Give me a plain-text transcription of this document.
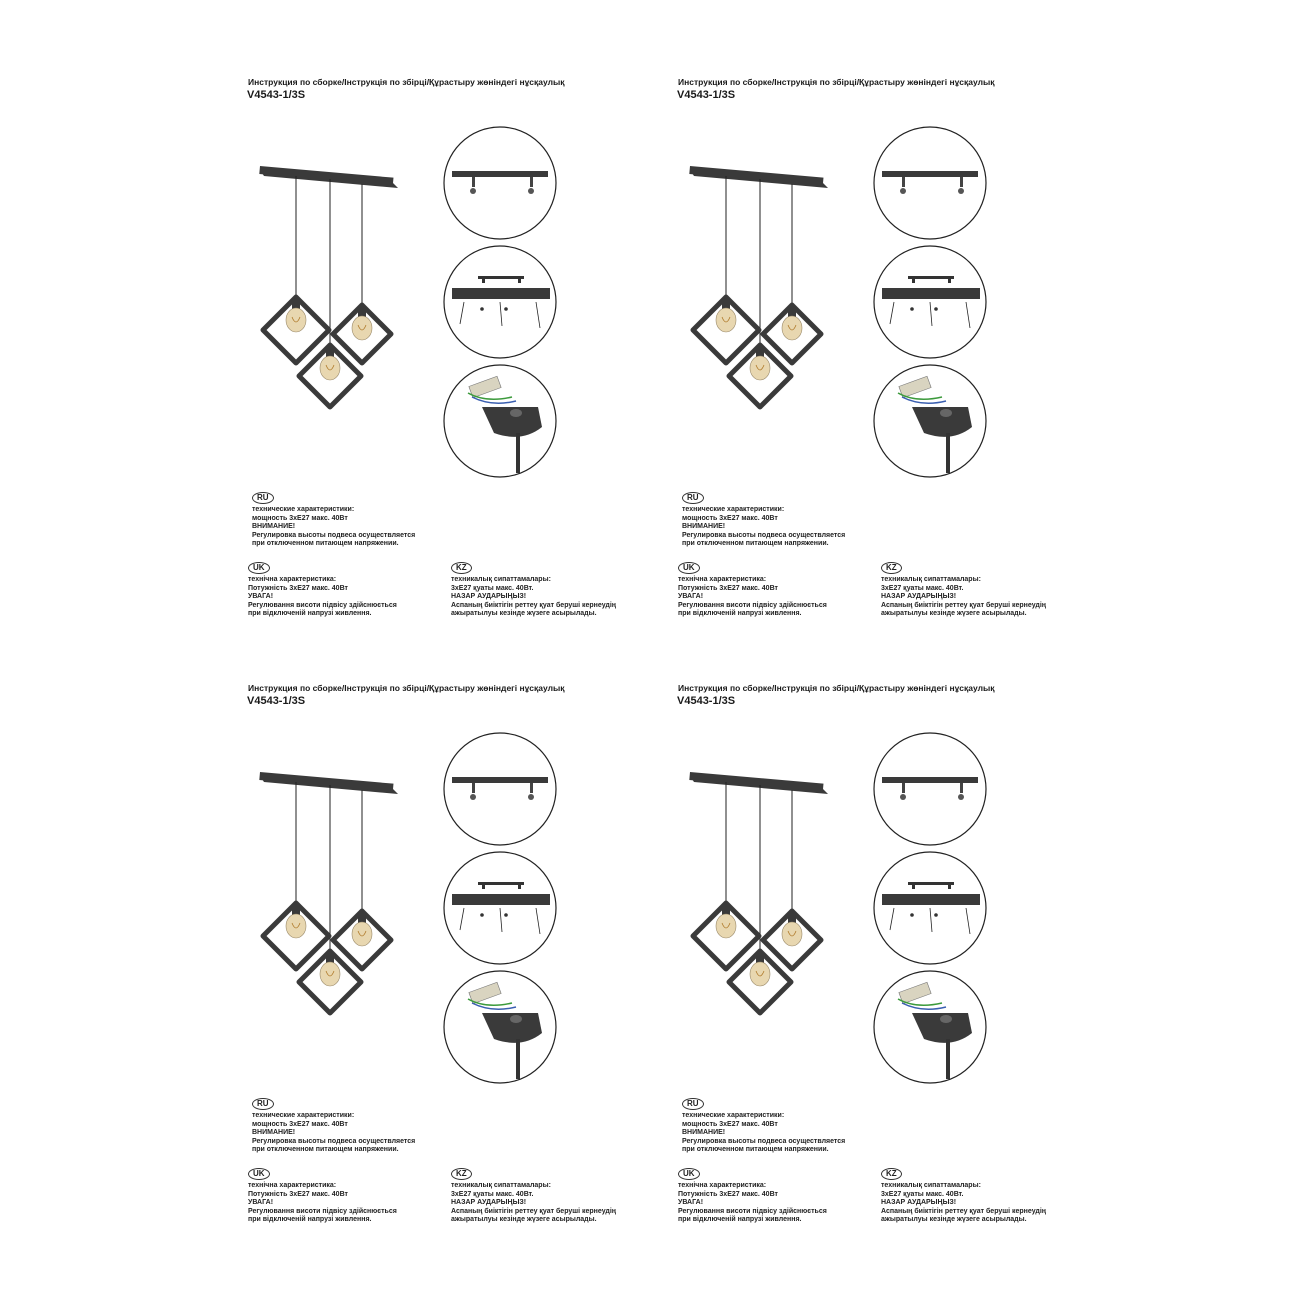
Инструкция по сборке/Інструкція по збірці/Құрастыру жөніндегі нұсқаулық
V4543-1/3S
RU
технические характеристики:
мощность 3xE27 макс. 40Вт
ВНИМАНИЕ!
Регулировка высоты подвеса осуществляется
при отключенном питающем напряжении.
UK
технічна характеристика:
Потужність 3xE27 макс. 40Вт
УВАГА!
Регулювання висоти підвісу здійснюється
при відключеній напрузі живлення.
KZ
техникалық сипаттамалары:
3xE27 қуаты макс. 40Вт.
НАЗАР АУДАРЫҢЫЗ!
Аспаның биіктігін реттеу қуат беруші кернеудің
ажыратылуы кезінде жүзеге асырылады.
Инструкция по сборке/Інструкція по збірці/Құрастыру жөніндегі нұсқаулық
V4543-1/3S
RU
технические характеристики:
мощность 3xE27 макс. 40Вт
ВНИМАНИЕ!
Регулировка высоты подвеса осуществляется
при отключенном питающем напряжении.
UK
технічна характеристика:
Потужність 3xE27 макс. 40Вт
УВАГА!
Регулювання висоти підвісу здійснюється
при відключеній напрузі живлення.
KZ
техникалық сипаттамалары:
3xE27 қуаты макс. 40Вт.
НАЗАР АУДАРЫҢЫЗ!
Аспаның биіктігін реттеу қуат беруші кернеудің
ажыратылуы кезінде жүзеге асырылады.
Инструкция по сборке/Інструкція по збірці/Құрастыру жөніндегі нұсқаулық
V4543-1/3S
RU
технические характеристики:
мощность 3xE27 макс. 40Вт
ВНИМАНИЕ!
Регулировка высоты подвеса осуществляется
при отключенном питающем напряжении.
UK
технічна характеристика:
Потужність 3xE27 макс. 40Вт
УВАГА!
Регулювання висоти підвісу здійснюється
при відключеній напрузі живлення.
KZ
техникалық сипаттамалары:
3xE27 қуаты макс. 40Вт.
НАЗАР АУДАРЫҢЫЗ!
Аспаның биіктігін реттеу қуат беруші кернеудің
ажыратылуы кезінде жүзеге асырылады.
Инструкция по сборке/Інструкція по збірці/Құрастыру жөніндегі нұсқаулық
V4543-1/3S
RU
технические характеристики:
мощность 3xE27 макс. 40Вт
ВНИМАНИЕ!
Регулировка высоты подвеса осуществляется
при отключенном питающем напряжении.
UK
технічна характеристика:
Потужність 3xE27 макс. 40Вт
УВАГА!
Регулювання висоти підвісу здійснюється
при відключеній напрузі живлення.
KZ
техникалық сипаттамалары:
3xE27 қуаты макс. 40Вт.
НАЗАР АУДАРЫҢЫЗ!
Аспаның биіктігін реттеу қуат беруші кернеудің
ажыратылуы кезінде жүзеге асырылады.
